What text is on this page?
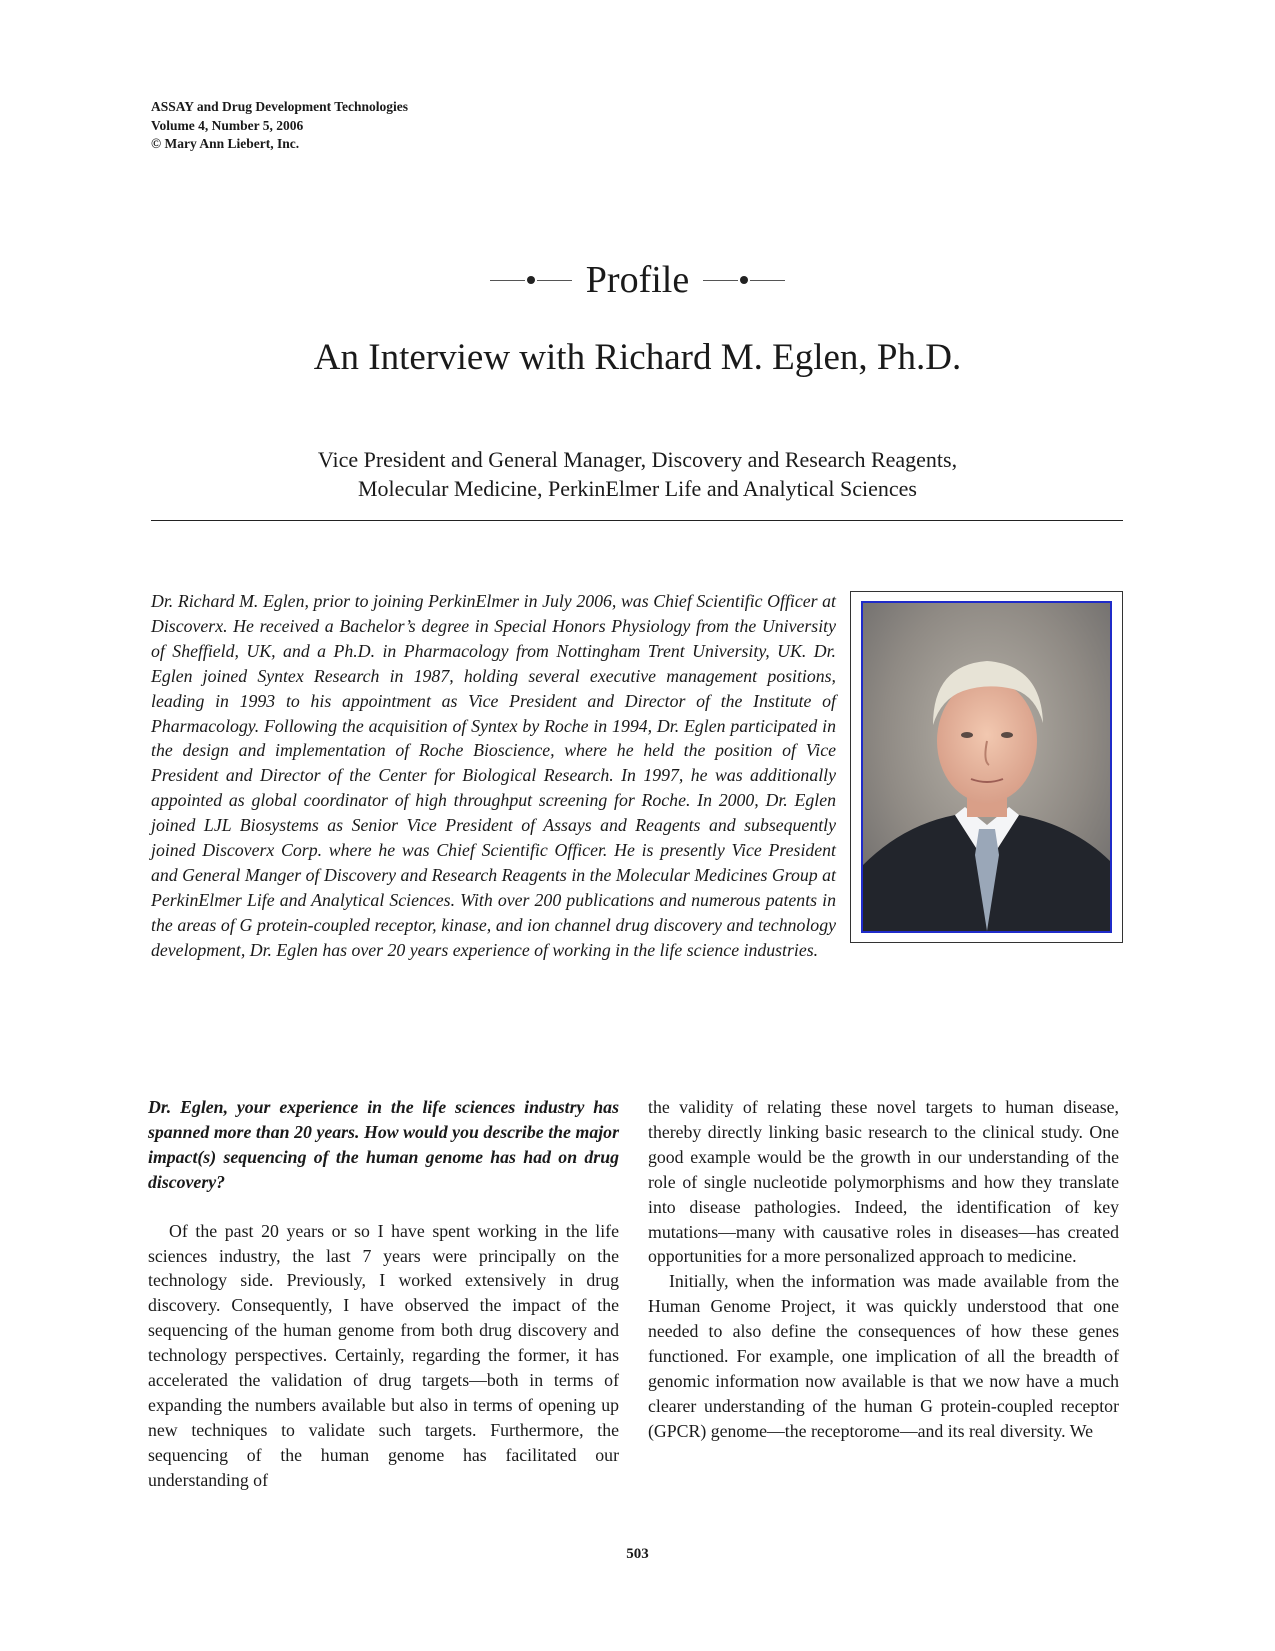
ASSAY and Drug Development Technologies
Volume 4, Number 5, 2006
© Mary Ann Liebert, Inc.
Profile
An Interview with Richard M. Eglen, Ph.D.
Vice President and General Manager, Discovery and Research Reagents,
Molecular Medicine, PerkinElmer Life and Analytical Sciences

Dr. Richard M. Eglen, prior to joining PerkinElmer in July 2006, was Chief Scientific Officer at Discoverx. He received a Bachelor’s degree in Special Honors Physiology from the University of Sheffield, UK, and a Ph.D. in Pharmacology from Nottingham Trent University, UK. Dr. Eglen joined Syntex Research in 1987, holding several executive management positions, leading in 1993 to his appointment as Vice President and Director of the Institute of Pharmacology. Following the acquisition of Syntex by Roche in 1994, Dr. Eglen participated in the design and implementation of Roche Bioscience, where he held the position of Vice President and Director of the Center for Biological Research. In 1997, he was additionally appointed as global coordinator of high throughput screening for Roche. In 2000, Dr. Eglen joined LJL Biosystems as Senior Vice President of Assays and Reagents and subsequently joined Discoverx Corp. where he was Chief Scientific Officer. He is presently Vice President and General Manger of Discovery and Research Reagents in the Molecular Medicines Group at PerkinElmer Life and Analytical Sciences. With over 200 publications and numerous patents in the areas of G protein-coupled receptor, kinase, and ion channel drug discovery and technology development, Dr. Eglen has over 20 years experience of working in the life science industries.

Dr. Eglen, your experience in the life sciences industry has spanned more than 20 years. How would you describe the major impact(s) sequencing of the human genome has had on drug discovery?

Of the past 20 years or so I have spent working in the life sciences industry, the last 7 years were principally on the technology side. Previously, I worked extensively in drug discovery. Consequently, I have observed the impact of the sequencing of the human genome from both drug discovery and technology perspectives. Certainly, regarding the former, it has accelerated the validation of drug targets—both in terms of expanding the numbers available but also in terms of opening up new techniques to validate such targets. Furthermore, the sequencing of the human genome has facilitated our understanding of

the validity of relating these novel targets to human disease, thereby directly linking basic research to the clinical study. One good example would be the growth in our understanding of the role of single nucleotide polymorphisms and how they translate into disease pathologies. Indeed, the identification of key mutations—many with causative roles in diseases—has created opportunities for a more personalized approach to medicine.

Initially, when the information was made available from the Human Genome Project, it was quickly understood that one needed to also define the consequences of how these genes functioned. For example, one implication of all the breadth of genomic information now available is that we now have a much clearer understanding of the human G protein-coupled receptor (GPCR) genome—the receptorome—and its real diversity. We

503
